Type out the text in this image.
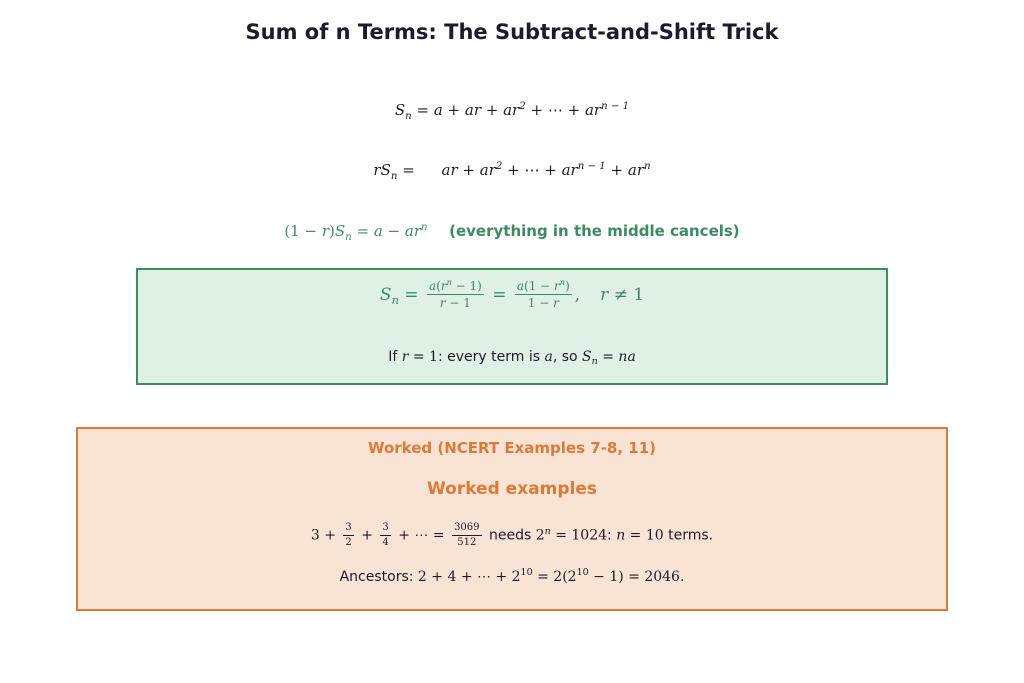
Sum of n Terms: The Subtract-and-Shift Trick
$S_n = a$ + ar + $ar^2$ + ⋯ + $ar^{n - 1}$
$rS_n$ = ar + $ar^2$ + ⋯ + $ar^{n - 1} + ar^n$
$(1 - r)S_n = a - ar^n$ (everything in the middle cancels)
$S_n = \frac{a(r^n - 1)}{r - 1} = \frac{a(1 - r^n)}{1 - r}$ , r ≠ 1
If r = 1: every term is a, so $S_n$ = na
Worked (NCERT Examples 7-8, 11)
Worked examples
$3 + \frac{3}{2} + \frac{3}{4}$ + ⋯ = $\frac{3069}{512}$ needs $2^n = 1024$: n = 10 terms.
Ancestors: 2 + 4 + ⋯ + $2^{10} = 2(2^{10} - 1) = 2046$.
